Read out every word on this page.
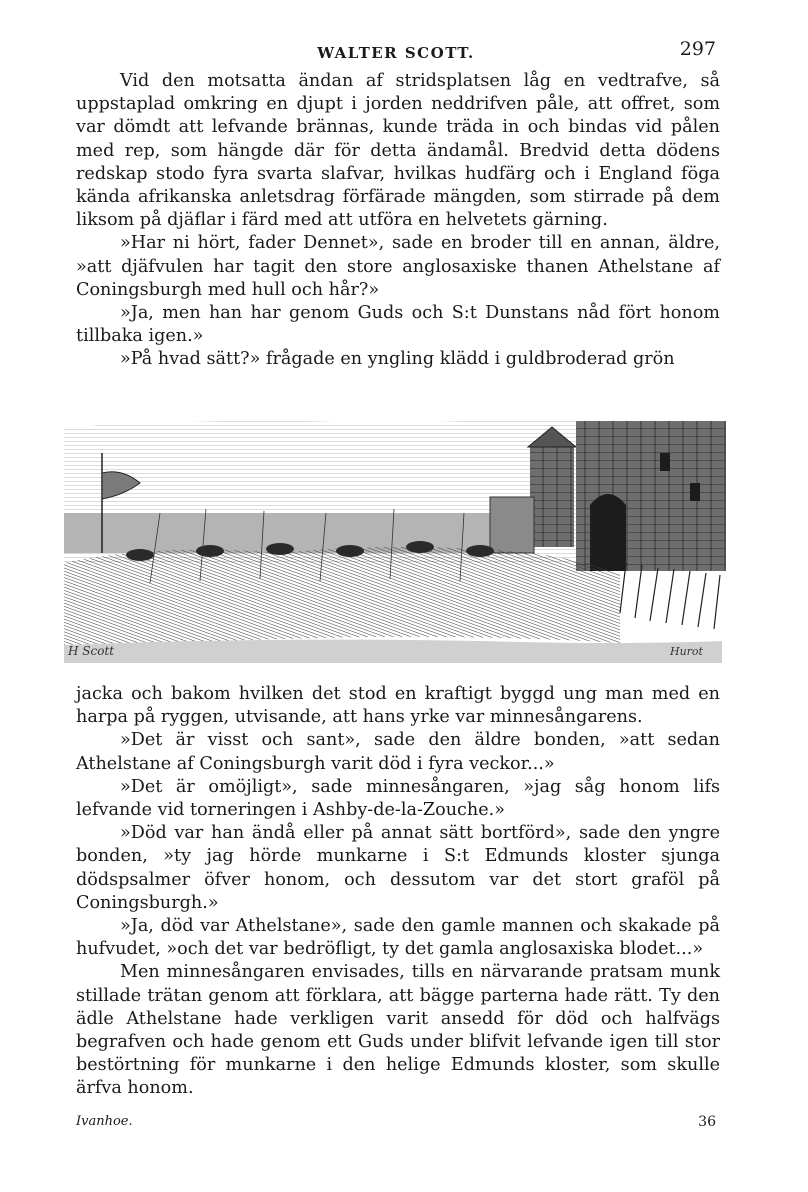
WALTER SCOTT.	297

Vid den motsatta ändan af stridsplatsen låg en vedtrafve, så uppstaplad omkring en djupt i jorden neddrifven påle, att offret, som var dömdt att lefvande brännas, kunde träda in och bindas vid pålen med rep, som hängde där för detta ändamål. Bredvid detta dödens redskap stodo fyra svarta slafvar, hvilkas hudfärg och i England föga kända afrikanska anletsdrag förfärade mängden, som stirrade på dem liksom på djäflar i färd med att utföra en helvetets gärning.

»Har ni hört, fader Dennet», sade en broder till en annan, äldre, »att djäfvulen har tagit den store anglosaxiske thanen Athelstane af Coningsburgh med hull och hår?»

»Ja, men han har genom Guds och S:t Dunstans nåd fört honom tillbaka igen.»

»På hvad sätt?» frågade en yngling klädd i guldbroderad grön

H Scott	Hurot

jacka och bakom hvilken det stod en kraftigt byggd ung man med en harpa på ryggen, utvisande, att hans yrke var minnesångarens.

»Det är visst och sant», sade den äldre bonden, »att sedan Athelstane af Coningsburgh varit död i fyra veckor...»

»Det är omöjligt», sade minnesångaren, »jag såg honom lifs lefvande vid torneringen i Ashby-de-la-Zouche.»

»Död var han ändå eller på annat sätt bortförd», sade den yngre bonden, »ty jag hörde munkarne i S:t Edmunds kloster sjunga dödspsalmer öfver honom, och dessutom var det stort graföl på Coningsburgh.»

»Ja, död var Athelstane», sade den gamle mannen och skakade på hufvudet, »och det var bedröfligt, ty det gamla anglosaxiska blodet...»

Men minnesångaren envisades, tills en närvarande pratsam munk stillade trätan genom att förklara, att bägge parterna hade rätt. Ty den ädle Athelstane hade verkligen varit ansedd för död och halfvägs begrafven och hade genom ett Guds under blifvit lefvande igen till stor bestörtning för munkarne i den helige Edmunds kloster, som skulle ärfva honom.

Ivanhoe.	36
